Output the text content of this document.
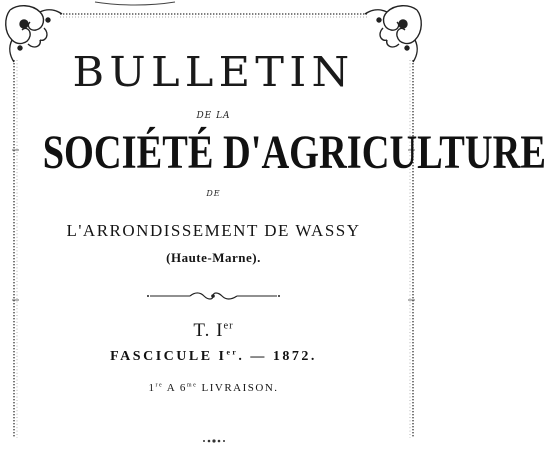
BULLETIN
DE LA
SOCIÉTÉ D'AGRICULTURE
DE
L'ARRONDISSEMENT DE WASSY
(Haute-Marne).
T. Ier
FASCICULE Ier. — 1872.
1re A $6^{me}$ LIVRAISON.
